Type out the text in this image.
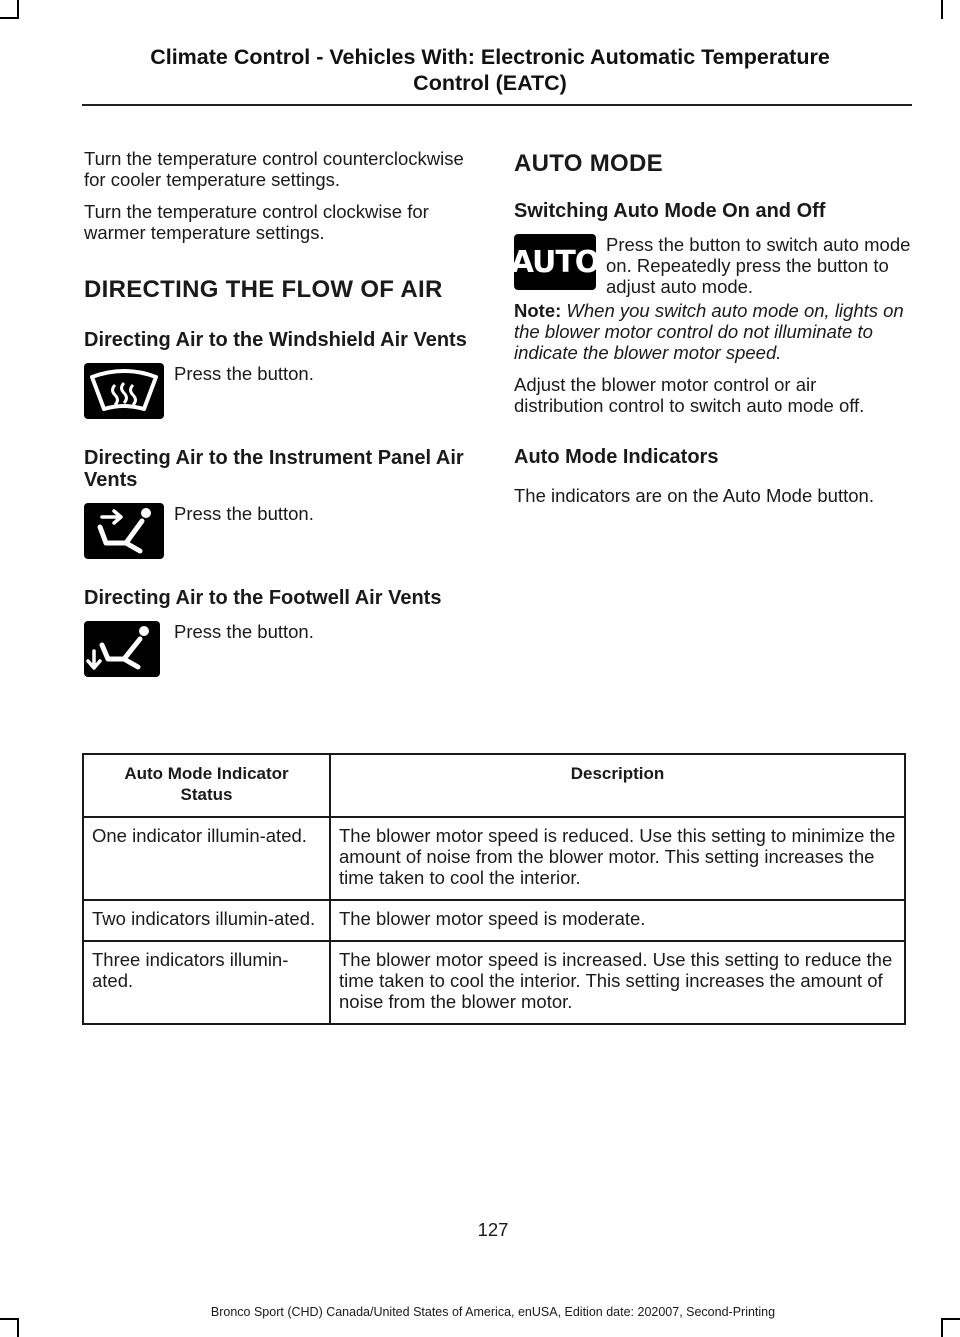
Climate Control - Vehicles With: Electronic Automatic Temperature
Control (EATC)

Turn the temperature control counterclockwise for cooler temperature settings.

Turn the temperature control clockwise for warmer temperature settings.

DIRECTING THE FLOW OF AIR
Directing Air to the Windshield Air Vents
Press the button.
Directing Air to the Instrument Panel Air Vents
Press the button.
Directing Air to the Footwell Air Vents
Press the button.
AUTO MODE
Switching Auto Mode On and Off
AUTO Press the button to switch auto mode on. Repeatedly press the button to adjust auto mode.

Note: When you switch auto mode on, lights on the blower motor control do not illuminate to indicate the blower motor speed.

Adjust the blower motor control or air distribution control to switch auto mode off.

Auto Mode Indicators

The indicators are on the Auto Mode button.

Auto Mode Indicator Status	Description
One indicator illumin-ated.	The blower motor speed is reduced. Use this setting to minimize the amount of noise from the blower motor. This setting increases the time taken to cool the interior.
Two indicators illumin-ated.	The blower motor speed is moderate.
Three indicators illumin-ated.	The blower motor speed is increased. Use this setting to reduce the time taken to cool the interior. This setting increases the amount of noise from the blower motor.
127
Bronco Sport (CHD) Canada/United States of America, enUSA, Edition date: 202007, Second-Printing
